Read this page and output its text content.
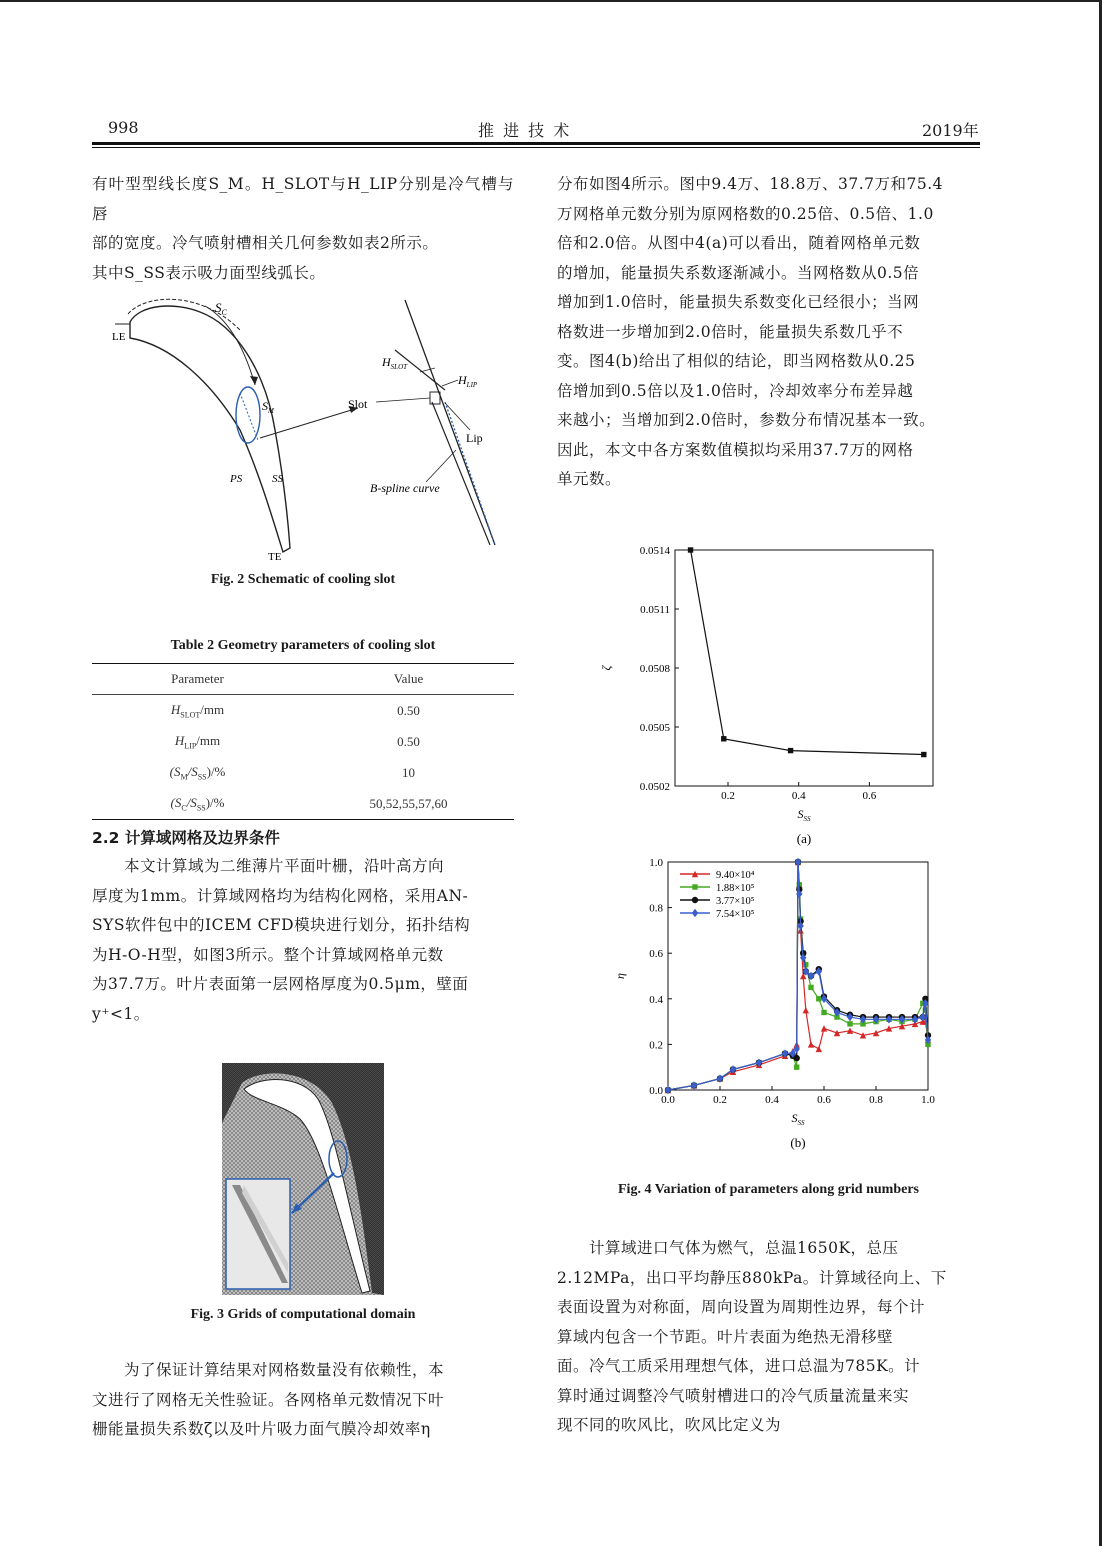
998	推 进 技 术	2019年

有叶型型线长度S_M。H_SLOT与H_LIP分别是冷气槽与唇

部的宽度。冷气喷射槽相关几何参数如表2所示。

其中S_SS表示吸力面型线弧长。

$S_C$
LE
TE
PS	SS
$S_M$
$H_{SLOT}$
$H_{LIP}$
Slot
Lip
B-spline curve
Fig. 2 Schematic of cooling slot
Table 2 Geometry parameters of cooling slot
Parameter	Value
$H_{SLOT}/mm$	0.50
$H_{LIP}/mm$	0.50
$(S_M/S_{SS})/\%$	10
$(S_C/S_{SS})/\%$	50,52,55,57,60
2.2 计算域网格及边界条件

　　本文计算域为二维薄片平面叶栅，沿叶高方向

厚度为1mm。计算域网格均为结构化网格，采用AN-

SYS软件包中的ICEM CFD模块进行划分，拓扑结构

为H-O-H型，如图3所示。整个计算域网格单元数

为37.7万。叶片表面第一层网格厚度为0.5μm，壁面

y⁺<1。

Fig. 3 Grids of computational domain

　　为了保证计算结果对网格数量没有依赖性，本

文进行了网格无关性验证。各网格单元数情况下叶

栅能量损失系数ζ以及叶片吸力面气膜冷却效率η

分布如图4所示。图中9.4万、18.8万、37.7万和75.4

万网格单元数分别为原网格数的0.25倍、0.5倍、1.0

倍和2.0倍。从图中4(a)可以看出，随着网格单元数

的增加，能量损失系数逐渐减小。当网格数从0.5倍

增加到1.0倍时，能量损失系数变化已经很小；当网

格数进一步增加到2.0倍时，能量损失系数几乎不

变。图4(b)给出了相似的结论，即当网格数从0.25

倍增加到0.5倍以及1.0倍时，冷却效率分布差异越

来越小；当增加到2.0倍时，参数分布情况基本一致。

因此，本文中各方案数值模拟均采用37.7万的网格

单元数。

0.2	0.4	0.6
0.0502
0.0505
0.0508
0.0511
0.0514
$S_{SS}$
ζ
(a)
0.0	0.2	0.4	0.6	0.8	1.0
0.0
0.2
0.4
0.6
0.8
1.0
$S_{SS}$
η
9.40×10⁴
1.88×10⁵
3.77×10⁵
7.54×10⁵
(b)
Fig. 4 Variation of parameters along grid numbers

　　计算域进口气体为燃气，总温1650K，总压

2.12MPa，出口平均静压880kPa。计算域径向上、下

表面设置为对称面，周向设置为周期性边界，每个计

算域内包含一个节距。叶片表面为绝热无滑移壁

面。冷气工质采用理想气体，进口总温为785K。计

算时通过调整冷气喷射槽进口的冷气质量流量来实

现不同的吹风比，吹风比定义为
